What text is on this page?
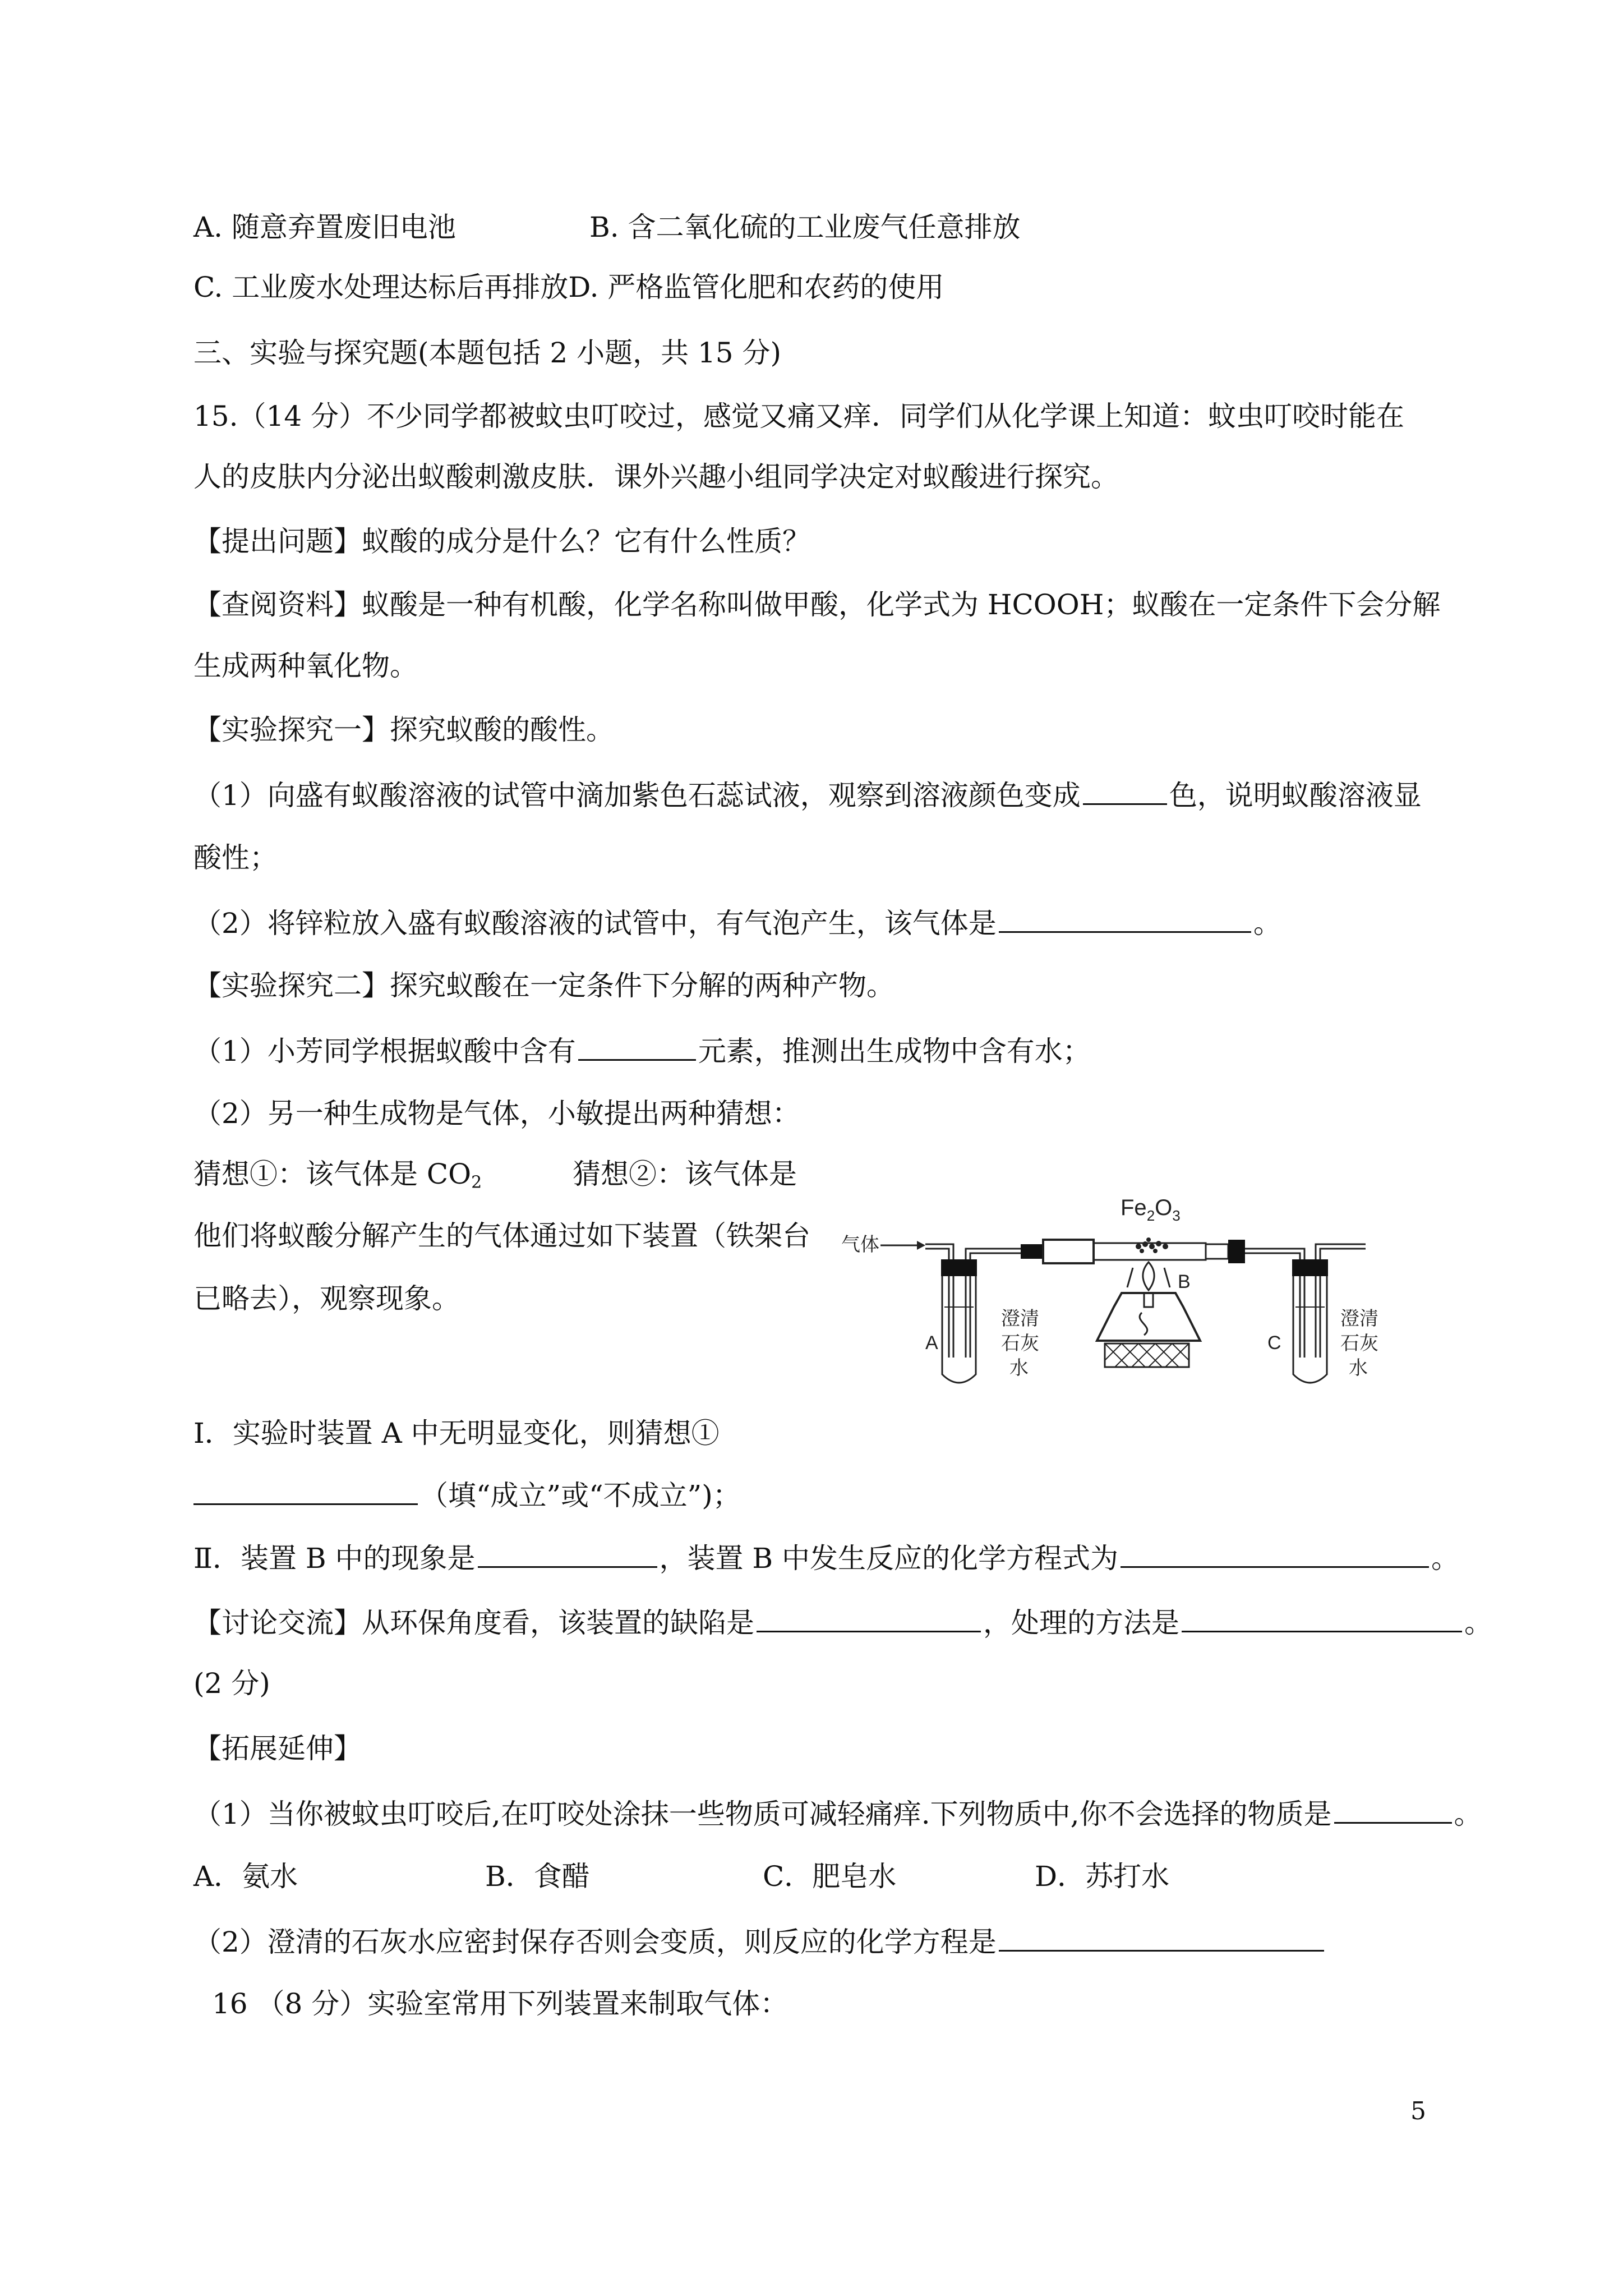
A. 随意弃置废旧电池	B. 含二氧化硫的工业废气任意排放
C. 工业废水处理达标后再排放D. 严格监管化肥和农药的使用
三、实验与探究题(本题包括 2 小题，共 15 分)
15.（14 分）不少同学都被蚊虫叮咬过，感觉又痛又痒．同学们从化学课上知道：蚊虫叮咬时能在
人的皮肤内分泌出蚁酸刺激皮肤．课外兴趣小组同学决定对蚁酸进行探究。
【提出问题】蚁酸的成分是什么？它有什么性质？
【查阅资料】蚁酸是一种有机酸，化学名称叫做甲酸，化学式为 HCOOH；蚁酸在一定条件下会分解
生成两种氧化物。
【实验探究一】探究蚁酸的酸性。
（1）向盛有蚁酸溶液的试管中滴加紫色石蕊试液，观察到溶液颜色变成	色，说明蚁酸溶液显
酸性；
（2）将锌粒放入盛有蚁酸溶液的试管中，有气泡产生，该气体是	。
【实验探究二】探究蚁酸在一定条件下分解的两种产物。
（1）小芳同学根据蚁酸中含有	元素，推测出生成物中含有水；
（2）另一种生成物是气体，小敏提出两种猜想：
猜想①：该气体是 $CO_2$	猜想②：该气体是
他们将蚁酸分解产生的气体通过如下装置（铁架台
已略去），观察现象。
$Fe_2O_3$
气体
B
A
澄清
石灰
水
C
澄清
石灰
水
Ⅰ．实验时装置 A 中无明显变化，则猜想①
（填“成立”或“不成立”)；
Ⅱ．装置 B 中的现象是	，装置 B 中发生反应的化学方程式为	。
【讨论交流】从环保角度看，该装置的缺陷是	，处理的方法是	。
(2 分)
【拓展延伸】
（1）当你被蚊虫叮咬后,在叮咬处涂抹一些物质可减轻痛痒.下列物质中,你不会选择的物质是	。
A．氨水	B．食醋	C．肥皂水	D．苏打水
（2）澄清的石灰水应密封保存否则会变质，则反应的化学方程是
16 （8 分）实验室常用下列装置来制取气体：
5
